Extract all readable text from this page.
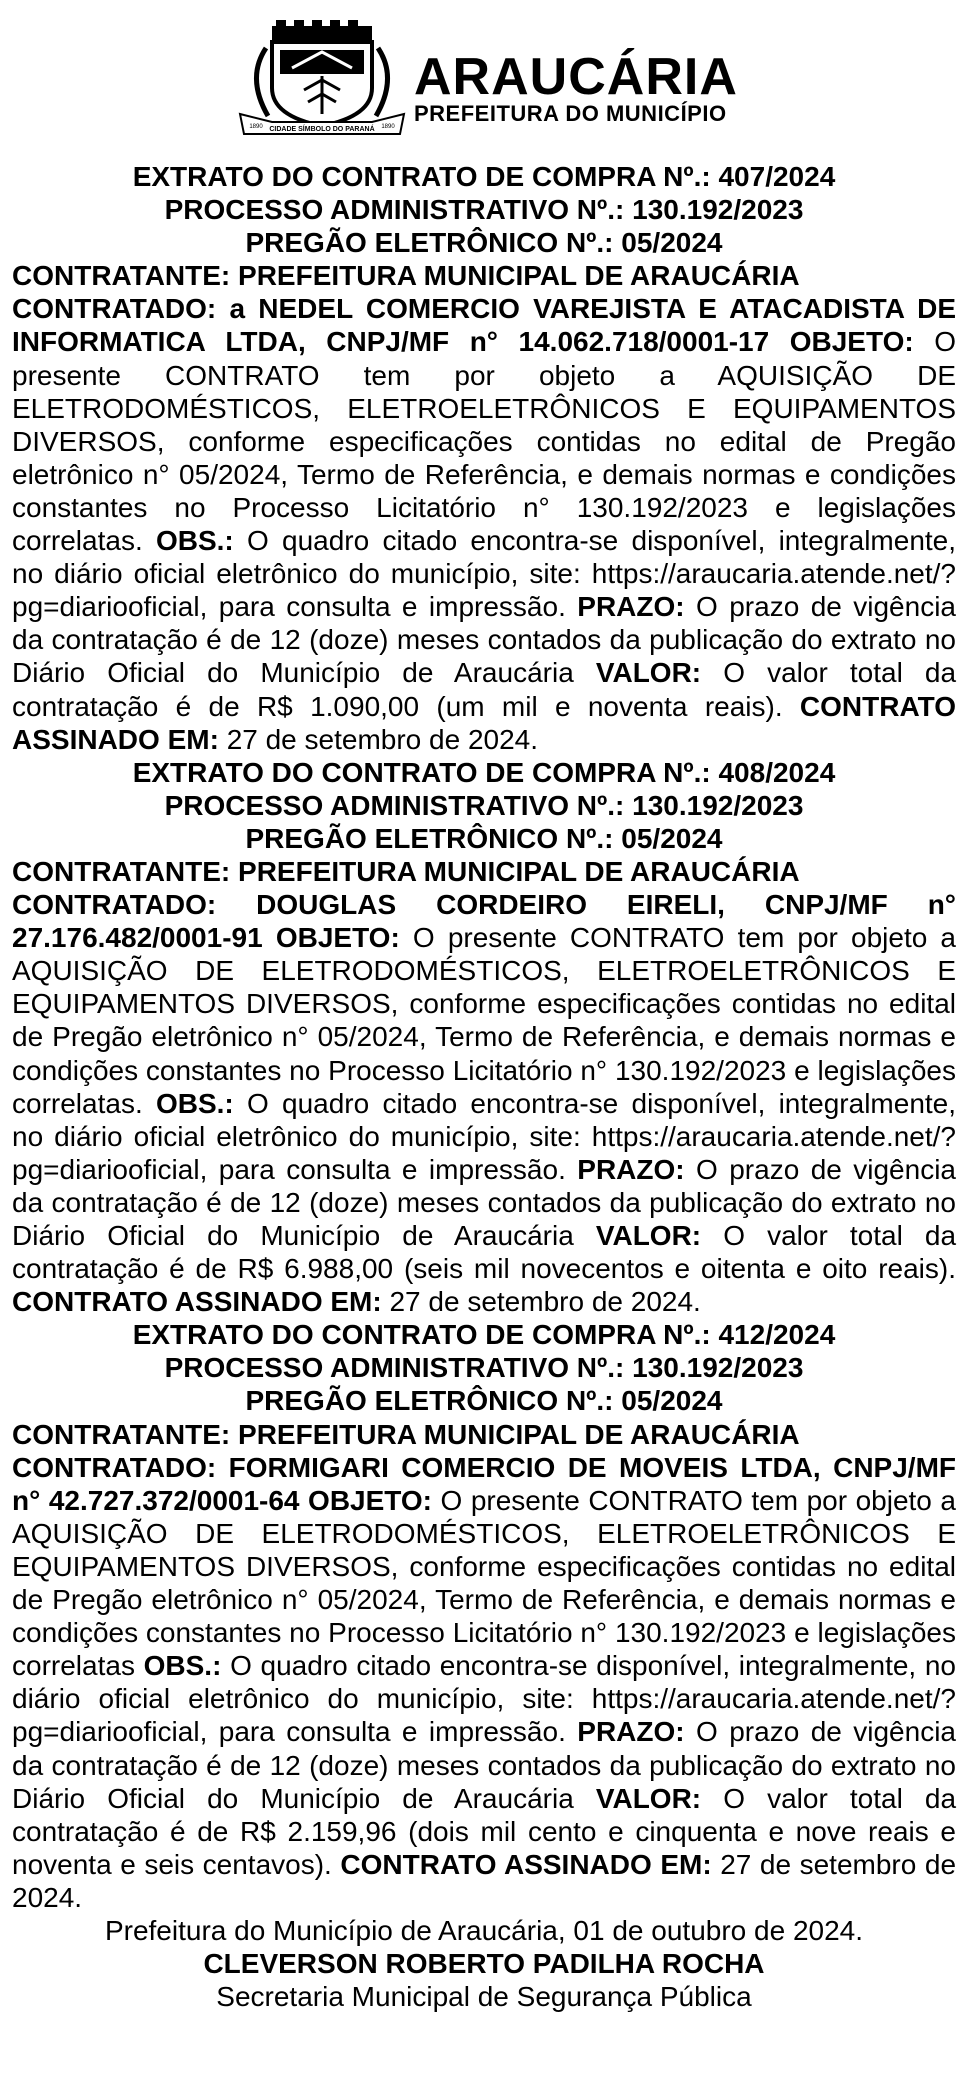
CIDADE SÍMBOLO DO PARANÁ
1890	1890
ARAUCÁRIA
PREFEITURA DO MUNICÍPIO
EXTRATO DO CONTRATO DE COMPRA Nº.: 407/2024
PROCESSO ADMINISTRATIVO Nº.: 130.192/2023
PREGÃO ELETRÔNICO Nº.: 05/2024
CONTRATANTE: PREFEITURA MUNICIPAL DE ARAUCÁRIA
CONTRATADO: a NEDEL COMERCIO VAREJISTA E ATACADISTA DE INFORMATICA LTDA, CNPJ/MF n° 14.062.718/0001-17 OBJETO: O presente CONTRATO tem por objeto a AQUISIÇÃO DE ELETRODOMÉSTICOS, ELETROELETRÔNICOS E EQUIPAMENTOS DIVERSOS, conforme especificações contidas no edital de Pregão eletrônico n° 05/2024, Termo de Referência, e demais normas e condições constantes no Processo Licitatório n° 130.192/2023 e legislações correlatas. OBS.: O quadro citado encontra-se disponível, integralmente, no diário oficial eletrônico do município, site: https://araucaria.atende.net/?pg=diariooficial, para consulta e impressão. PRAZO: O prazo de vigência da contratação é de 12 (doze) meses contados da publicação do extrato no Diário Oficial do Município de Araucária VALOR: O valor total da contratação é de R$ 1.090,00 (um mil e noventa reais). CONTRATO ASSINADO EM: 27 de setembro de 2024.
EXTRATO DO CONTRATO DE COMPRA Nº.: 408/2024
PROCESSO ADMINISTRATIVO Nº.: 130.192/2023
PREGÃO ELETRÔNICO Nº.: 05/2024
CONTRATANTE: PREFEITURA MUNICIPAL DE ARAUCÁRIA
CONTRATADO: DOUGLAS CORDEIRO EIRELI, CNPJ/MF n° 27.176.482/0001-91 OBJETO: O presente CONTRATO tem por objeto a AQUISIÇÃO DE ELETRODOMÉSTICOS, ELETROELETRÔNICOS E EQUIPAMENTOS DIVERSOS, conforme especificações contidas no edital de Pregão eletrônico n° 05/2024, Termo de Referência, e demais normas e condições constantes no Processo Licitatório n° 130.192/2023 e legislações correlatas. OBS.: O quadro citado encontra-se disponível, integralmente, no diário oficial eletrônico do município, site: https://araucaria.atende.net/?pg=diariooficial, para consulta e impressão. PRAZO: O prazo de vigência da contratação é de 12 (doze) meses contados da publicação do extrato no Diário Oficial do Município de Araucária VALOR: O valor total da contratação é de R$ 6.988,00 (seis mil novecentos e oitenta e oito reais). CONTRATO ASSINADO EM: 27 de setembro de 2024.
EXTRATO DO CONTRATO DE COMPRA Nº.: 412/2024
PROCESSO ADMINISTRATIVO Nº.: 130.192/2023
PREGÃO ELETRÔNICO Nº.: 05/2024
CONTRATANTE: PREFEITURA MUNICIPAL DE ARAUCÁRIA
CONTRATADO: FORMIGARI COMERCIO DE MOVEIS LTDA, CNPJ/MF n° 42.727.372/0001-64 OBJETO: O presente CONTRATO tem por objeto a AQUISIÇÃO DE ELETRODOMÉSTICOS, ELETROELETRÔNICOS E EQUIPAMENTOS DIVERSOS, conforme especificações contidas no edital de Pregão eletrônico n° 05/2024, Termo de Referência, e demais normas e condições constantes no Processo Licitatório n° 130.192/2023 e legislações correlatas OBS.: O quadro citado encontra-se disponível, integralmente, no diário oficial eletrônico do município, site: https://araucaria.atende.net/?pg=diariooficial, para consulta e impressão. PRAZO: O prazo de vigência da contratação é de 12 (doze) meses contados da publicação do extrato no Diário Oficial do Município de Araucária VALOR: O valor total da contratação é de R$ 2.159,96 (dois mil cento e cinquenta e nove reais e noventa e seis centavos). CONTRATO ASSINADO EM: 27 de setembro de 2024.
Prefeitura do Município de Araucária, 01 de outubro de 2024.
CLEVERSON ROBERTO PADILHA ROCHA
Secretaria Municipal de Segurança Pública
